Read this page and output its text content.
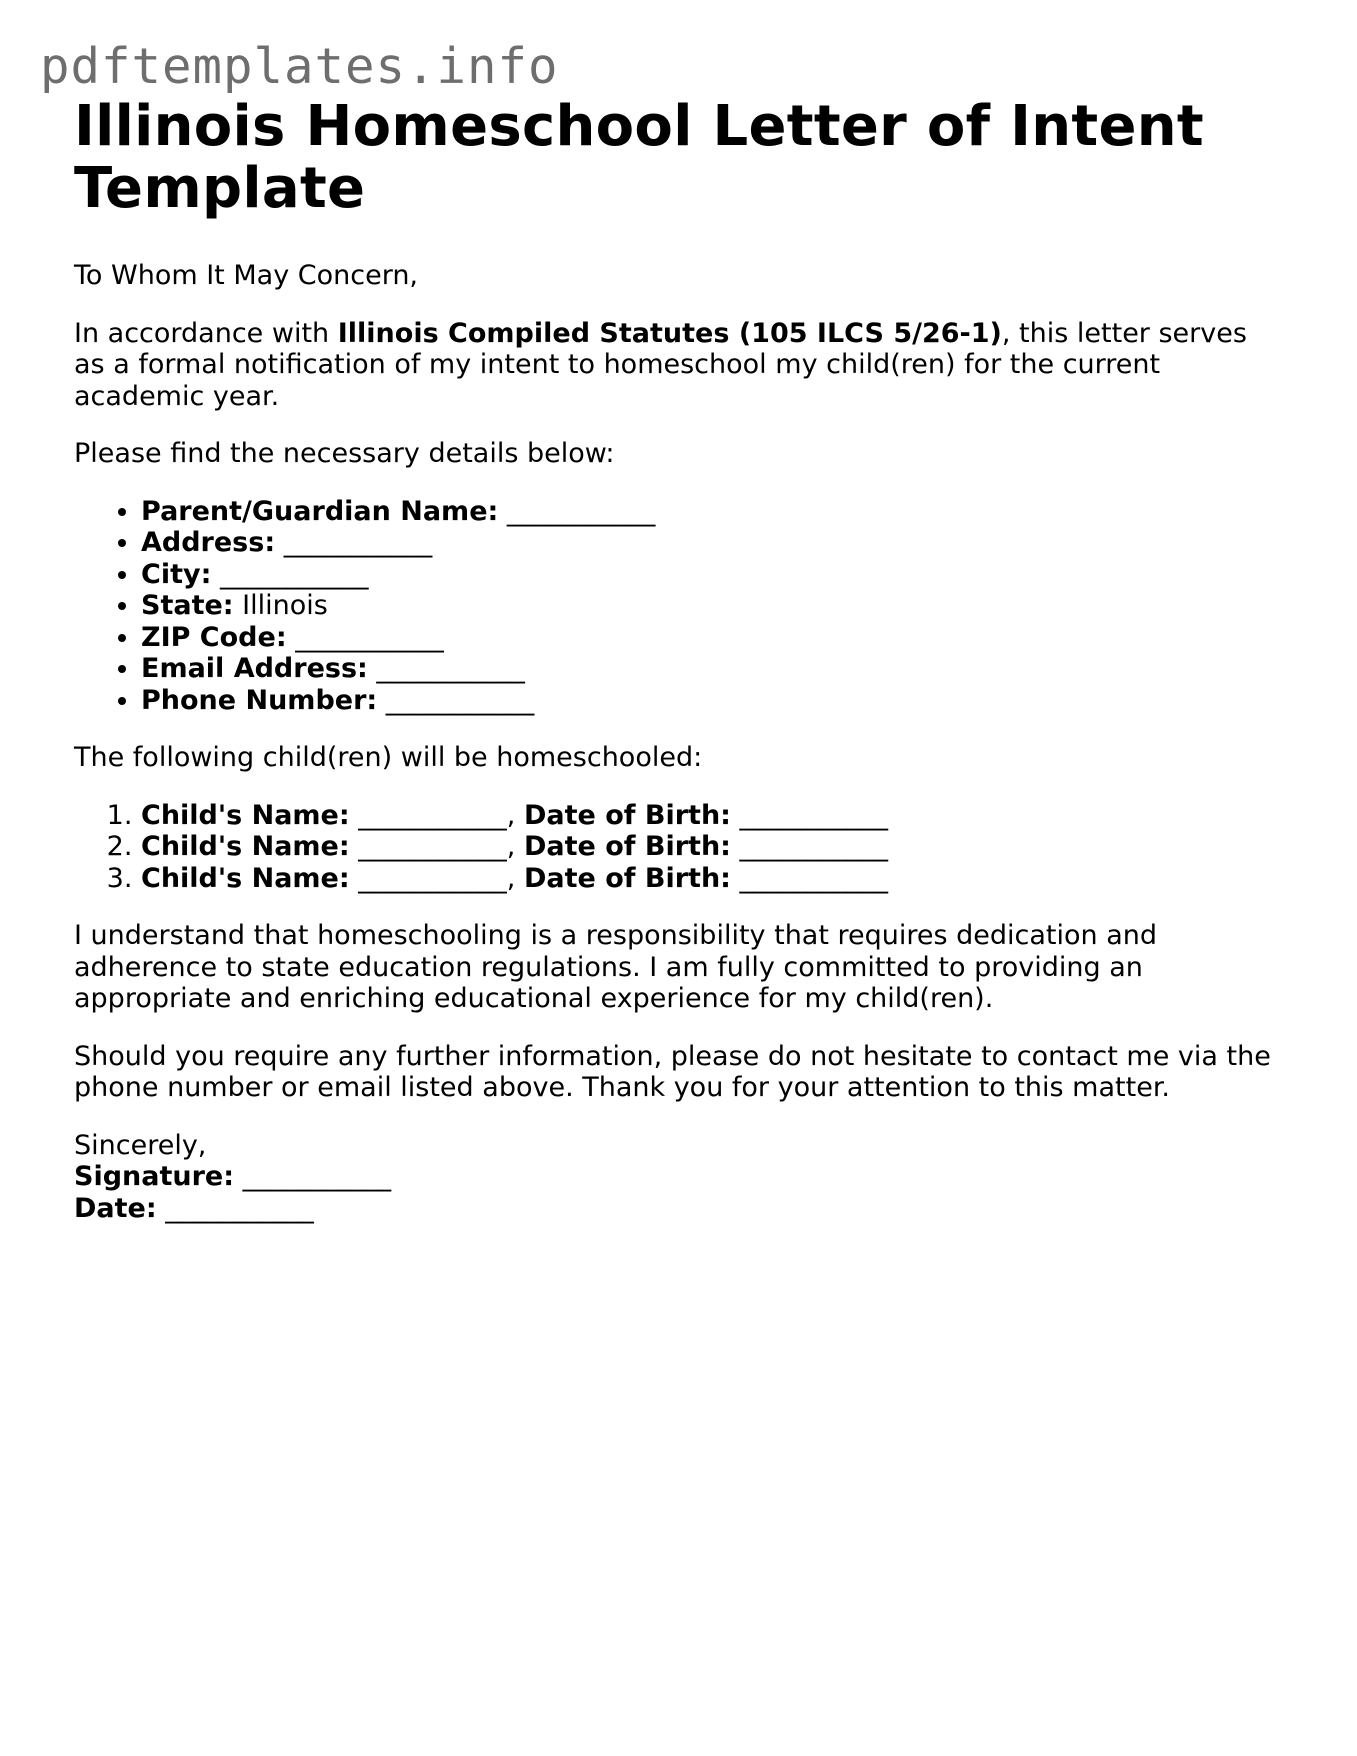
pdftemplates.info
Illinois Homeschool Letter of Intent Template

To Whom It May Concern,

In accordance with Illinois Compiled Statutes (105 ILCS 5/26-1), this letter serves as a formal notification of my intent to homeschool my child(ren) for the current academic year.

Please find the necessary details below:

• Parent/Guardian Name: ___________
• Address: ___________
• City: ___________
• State: Illinois
• ZIP Code: ___________
• Email Address: ___________
• Phone Number: ___________

The following child(ren) will be homeschooled:

1. Child's Name: ___________, Date of Birth: ___________
2. Child's Name: ___________, Date of Birth: ___________
3. Child's Name: ___________, Date of Birth: ___________

I understand that homeschooling is a responsibility that requires dedication and adherence to state education regulations. I am fully committed to providing an appropriate and enriching educational experience for my child(ren).

Should you require any further information, please do not hesitate to contact me via the phone number or email listed above. Thank you for your attention to this matter.

Sincerely,

Signature: ___________

Date: ___________
